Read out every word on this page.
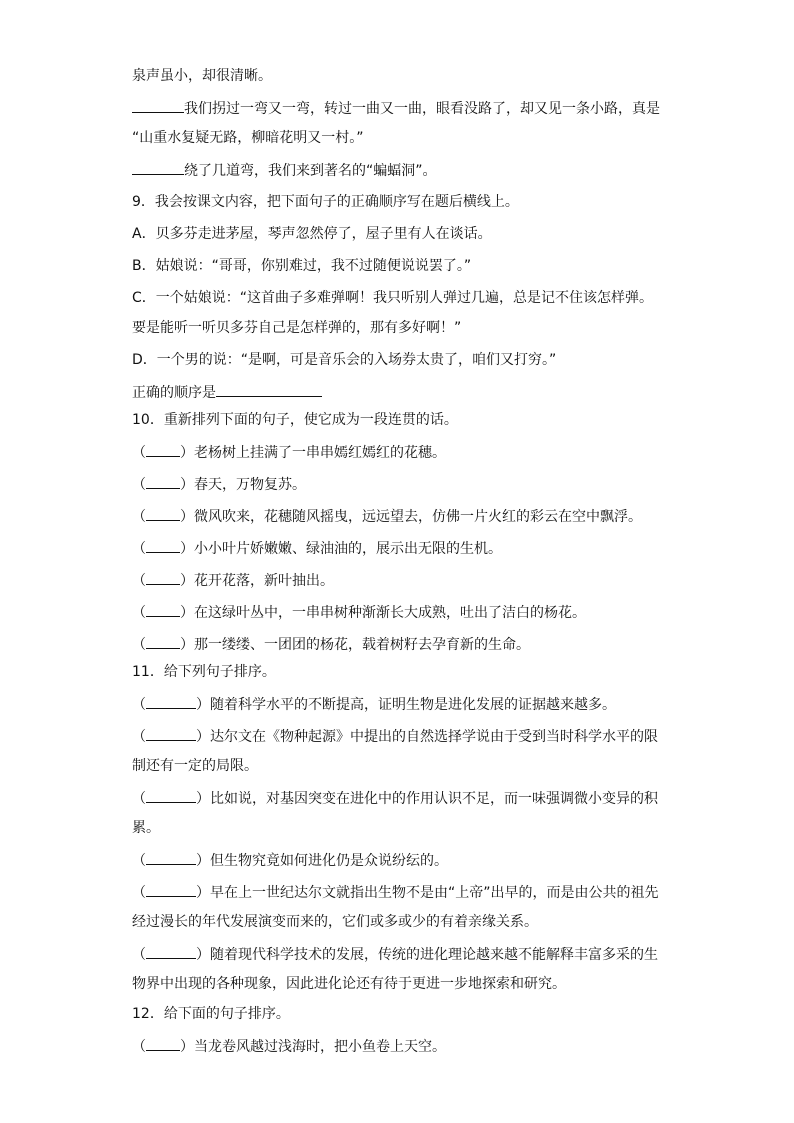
泉声虽小，却很清晰。
我们拐过一弯又一弯，转过一曲又一曲，眼看没路了，却又见一条小路，真是
“山重水复疑无路，柳暗花明又一村。”
绕了几道弯，我们来到著名的“蝙蝠洞”。
9．我会按课文内容，把下面句子的正确顺序写在题后横线上。
A．贝多芬走进茅屋，琴声忽然停了，屋子里有人在谈话。
B．姑娘说：“哥哥，你别难过，我不过随便说说罢了。”
C．一个姑娘说：“这首曲子多难弹啊！我只听别人弹过几遍，总是记不住该怎样弹。
要是能听一听贝多芬自己是怎样弹的，那有多好啊！”
D．一个男的说：“是啊，可是音乐会的入场券太贵了，咱们又打穷。”
正确的顺序是
10．重新排列下面的句子，使它成为一段连贯的话。
（ ）老杨树上挂满了一串串嫣红嫣红的花穗。
（ ）春天，万物复苏。
（ ）微风吹来，花穗随风摇曳，远远望去，仿佛一片火红的彩云在空中飘浮。
（ ）小小叶片娇嫩嫩、绿油油的，展示出无限的生机。
（ ）花开花落，新叶抽出。
（ ）在这绿叶丛中，一串串树种渐渐长大成熟，吐出了洁白的杨花。
（ ）那一缕缕、一团团的杨花，载着树籽去孕育新的生命。
11．给下列句子排序。
（	）随着科学水平的不断提高，证明生物是进化发展的证据越来越多。
（	）达尔文在《物种起源》中提出的自然选择学说由于受到当时科学水平的限
制还有一定的局限。
（	）比如说，对基因突变在进化中的作用认识不足，而一味强调微小变异的积
累。
（	）但生物究竟如何进化仍是众说纷纭的。
（	）早在上一世纪达尔文就指出生物不是由“上帝”出早的，而是由公共的祖先
经过漫长的年代发展演变而来的，它们或多或少的有着亲缘关系。
（	）随着现代科学技术的发展，传统的进化理论越来越不能解释丰富多采的生
物界中出现的各种现象，因此进化论还有待于更进一步地探索和研究。
12．给下面的句子排序。
（ ）当龙卷风越过浅海时，把小鱼卷上天空。
